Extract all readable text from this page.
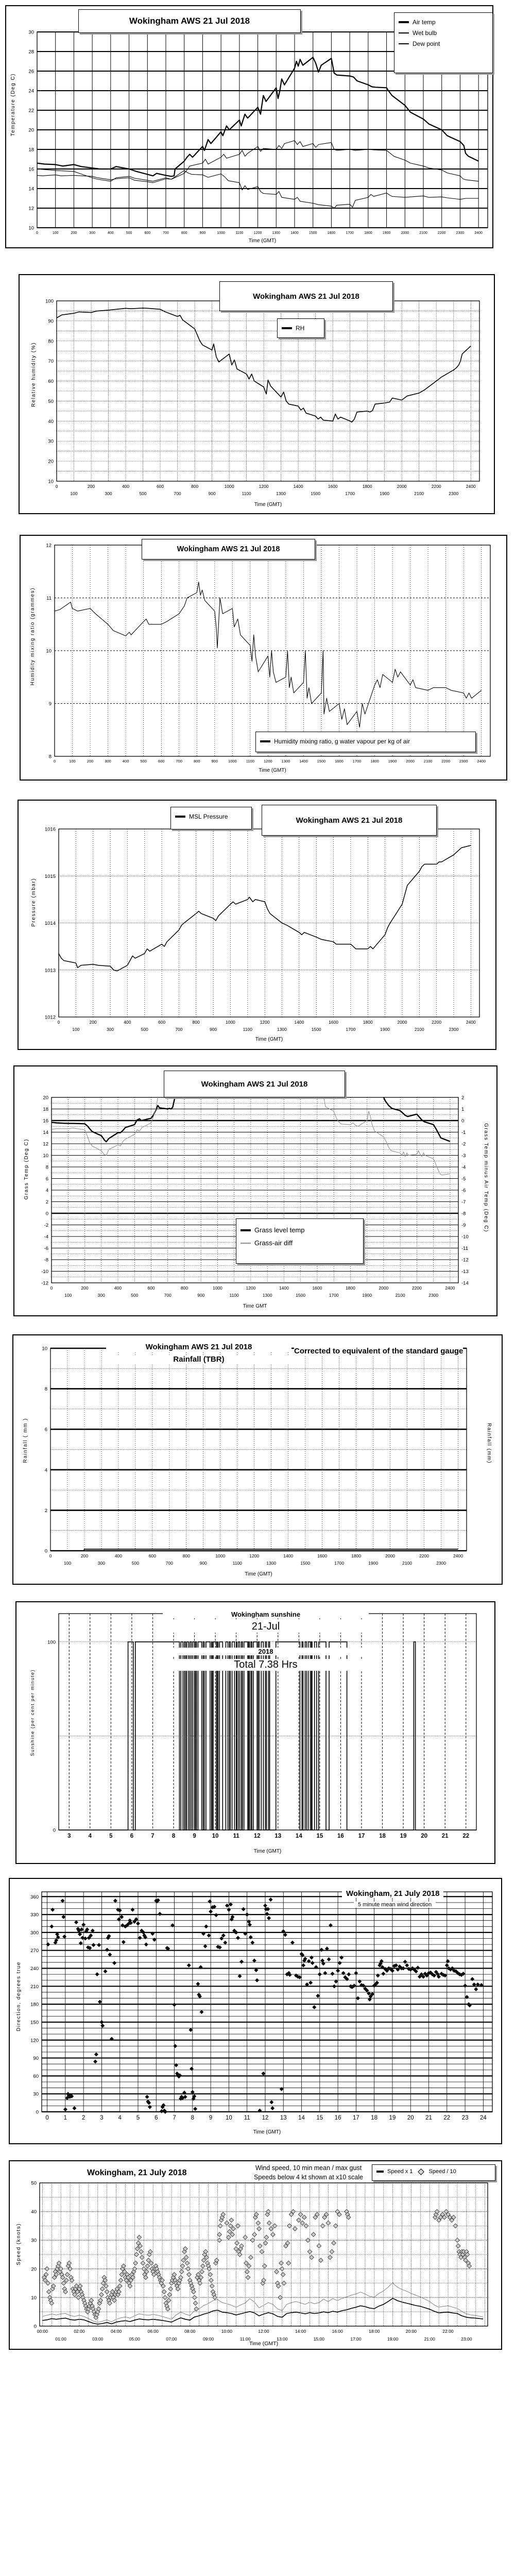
10
12
14
16
18
20
22
24
26
28
30
0	100	200	300	400	500	600	700	800	900	1000	1100	1200	1300	1400	1500	1600	1700	1800	1900	2000	2100	2200	2300	2400
Wokingham AWS 21 Jul 2018	Air temp
Wet bulb
Dew point
Temperature (Deg C)
Time (GMT)
10
20
30
40
50
60
70
80
90
100
0
100
200
300
400
500
600
700
800
900
1000
1100
1200
1300
1400
1500
1600
1700
1800
1900
2000
2100
2200
2300
2400
Wokingham AWS 21 Jul 2018
RH
Relative humidity (%)
Time (GMT)
8
9
10
11
12
0	100	200	300	400	500	600	700	800	900	1000 1100 1200 1300 1400 1500 1600 1700 1800 1900 2000 2100 2200 2300 2400
Wokingham AWS 21 Jul 2018
Humidity mixing ratio, g water vapour per kg of air
Humidity mixing ratio (grammes)
Time (GMT)
1012
1013
1014
1015
1016
0
100
200
300
400
500
600
700
800
900
1000
1100
1200
1300
1400
1500
1600
1700
1800
1900
2000
2100
2200
2300
2400
MSL Pressure	Wokingham AWS 21 Jul 2018
Pressure (mbar)
Time (GMT)
-12
-10
-8
-6
-4
-2
0
2
4
6
8
10
12
14
16
18
20
-14
-13
-12
-11
-10
-9
-8
-7
-6
-5
-4
-3
-2
-1
0
1
2
0
100
200
300
400
500
600
700
800
900
1000
1100
1200
1300
1400
1500
1600
1700
1800
1900
2000
2100
2200
2300
2400
Wokingham AWS 21 Jul 2018
Grass level temp
Grass-air diff
Grass Temp (Deg C)	Grass Temp minus Air Temp (Deg C)
Time GMT
0
2
4
6
8
10
0
100
200
300
400
500
600
700
800
900
1000
1100
1200
1300
1400
1500
1600
1700
1800
1900
2000
2100
2200
2300
2400
Wokingham AWS 21 Jul 2018
Rainfall (TBR)
Corrected to equivalent of the standard gauge
Rainfall ( mm )	Rainfall (mm)
Time (GMT)
0
100
3	4	5	6	7	8	9	10 11 12 13 14 15 16 17 18 19 20 21 22
Wokingham sunshine
21-Jul
2018
Total 7.38 Hrs
Sunshine (per cent per minute)
Time (GMT)
0
30
60
90
120
150
180
210
240
270
300
330
360
0	1	2	3	4	5	6	7	8	9 10 11 12 13 14 15 16 17 18 19 20 21 22 23 24
Wokingham, 21 July 2018
5 minute mean wind direction
Direction, degrees true
Time (GMT)
0
10
20
30
40
50
00:00
01:00
02:00
03:00
04:00
05:00
06:00
07:00
08:00
09:00
10:00
11:00
12:00
13:00
14:00
15:00
16:00
17:00
18:00
19:00
20:00
21:00
22:00
23:00
Wokingham, 21 July 2018
Wind speed, 10 min mean / max gust
Speeds below 4 kt shown at x10 scale
Speed x 1	Speed / 10
Speed (knots)
Time (GMT)
